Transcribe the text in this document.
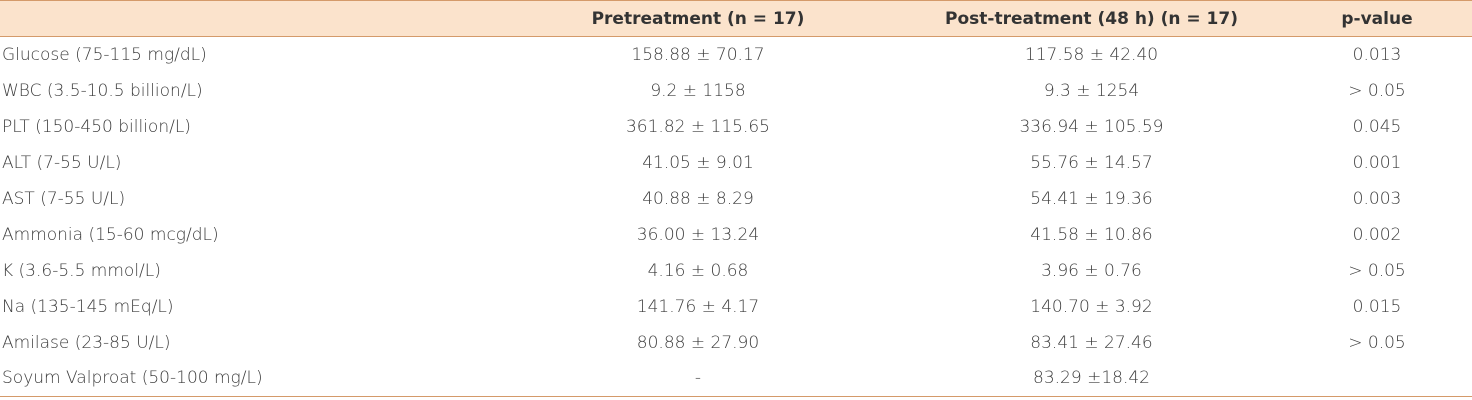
	Pretreatment (n = 17)	Post-treatment (48 h) (n = 17)	p-value
Glucose (75-115 mg/dL)	158.88 ± 70.17	117.58 ± 42.40	0.013
WBC (3.5-10.5 billion/L)	9.2 ± 1158	9.3 ± 1254	> 0.05
PLT (150-450 billion/L)	361.82 ± 115.65	336.94 ± 105.59	0.045
ALT (7-55 U/L)	41.05 ± 9.01	55.76 ± 14.57	0.001
AST (7-55 U/L)	40.88 ± 8.29	54.41 ± 19.36	0.003
Ammonia (15-60 mcg/dL)	36.00 ± 13.24	41.58 ± 10.86	0.002
K (3.6-5.5 mmol/L)	4.16 ± 0.68	3.96 ± 0.76	> 0.05
Na (135-145 mEq/L)	141.76 ± 4.17	140.70 ± 3.92	0.015
Amilase (23-85 U/L)	80.88 ± 27.90	83.41 ± 27.46	> 0.05
Soyum Valproat (50-100 mg/L)	-	83.29 ±18.42	
